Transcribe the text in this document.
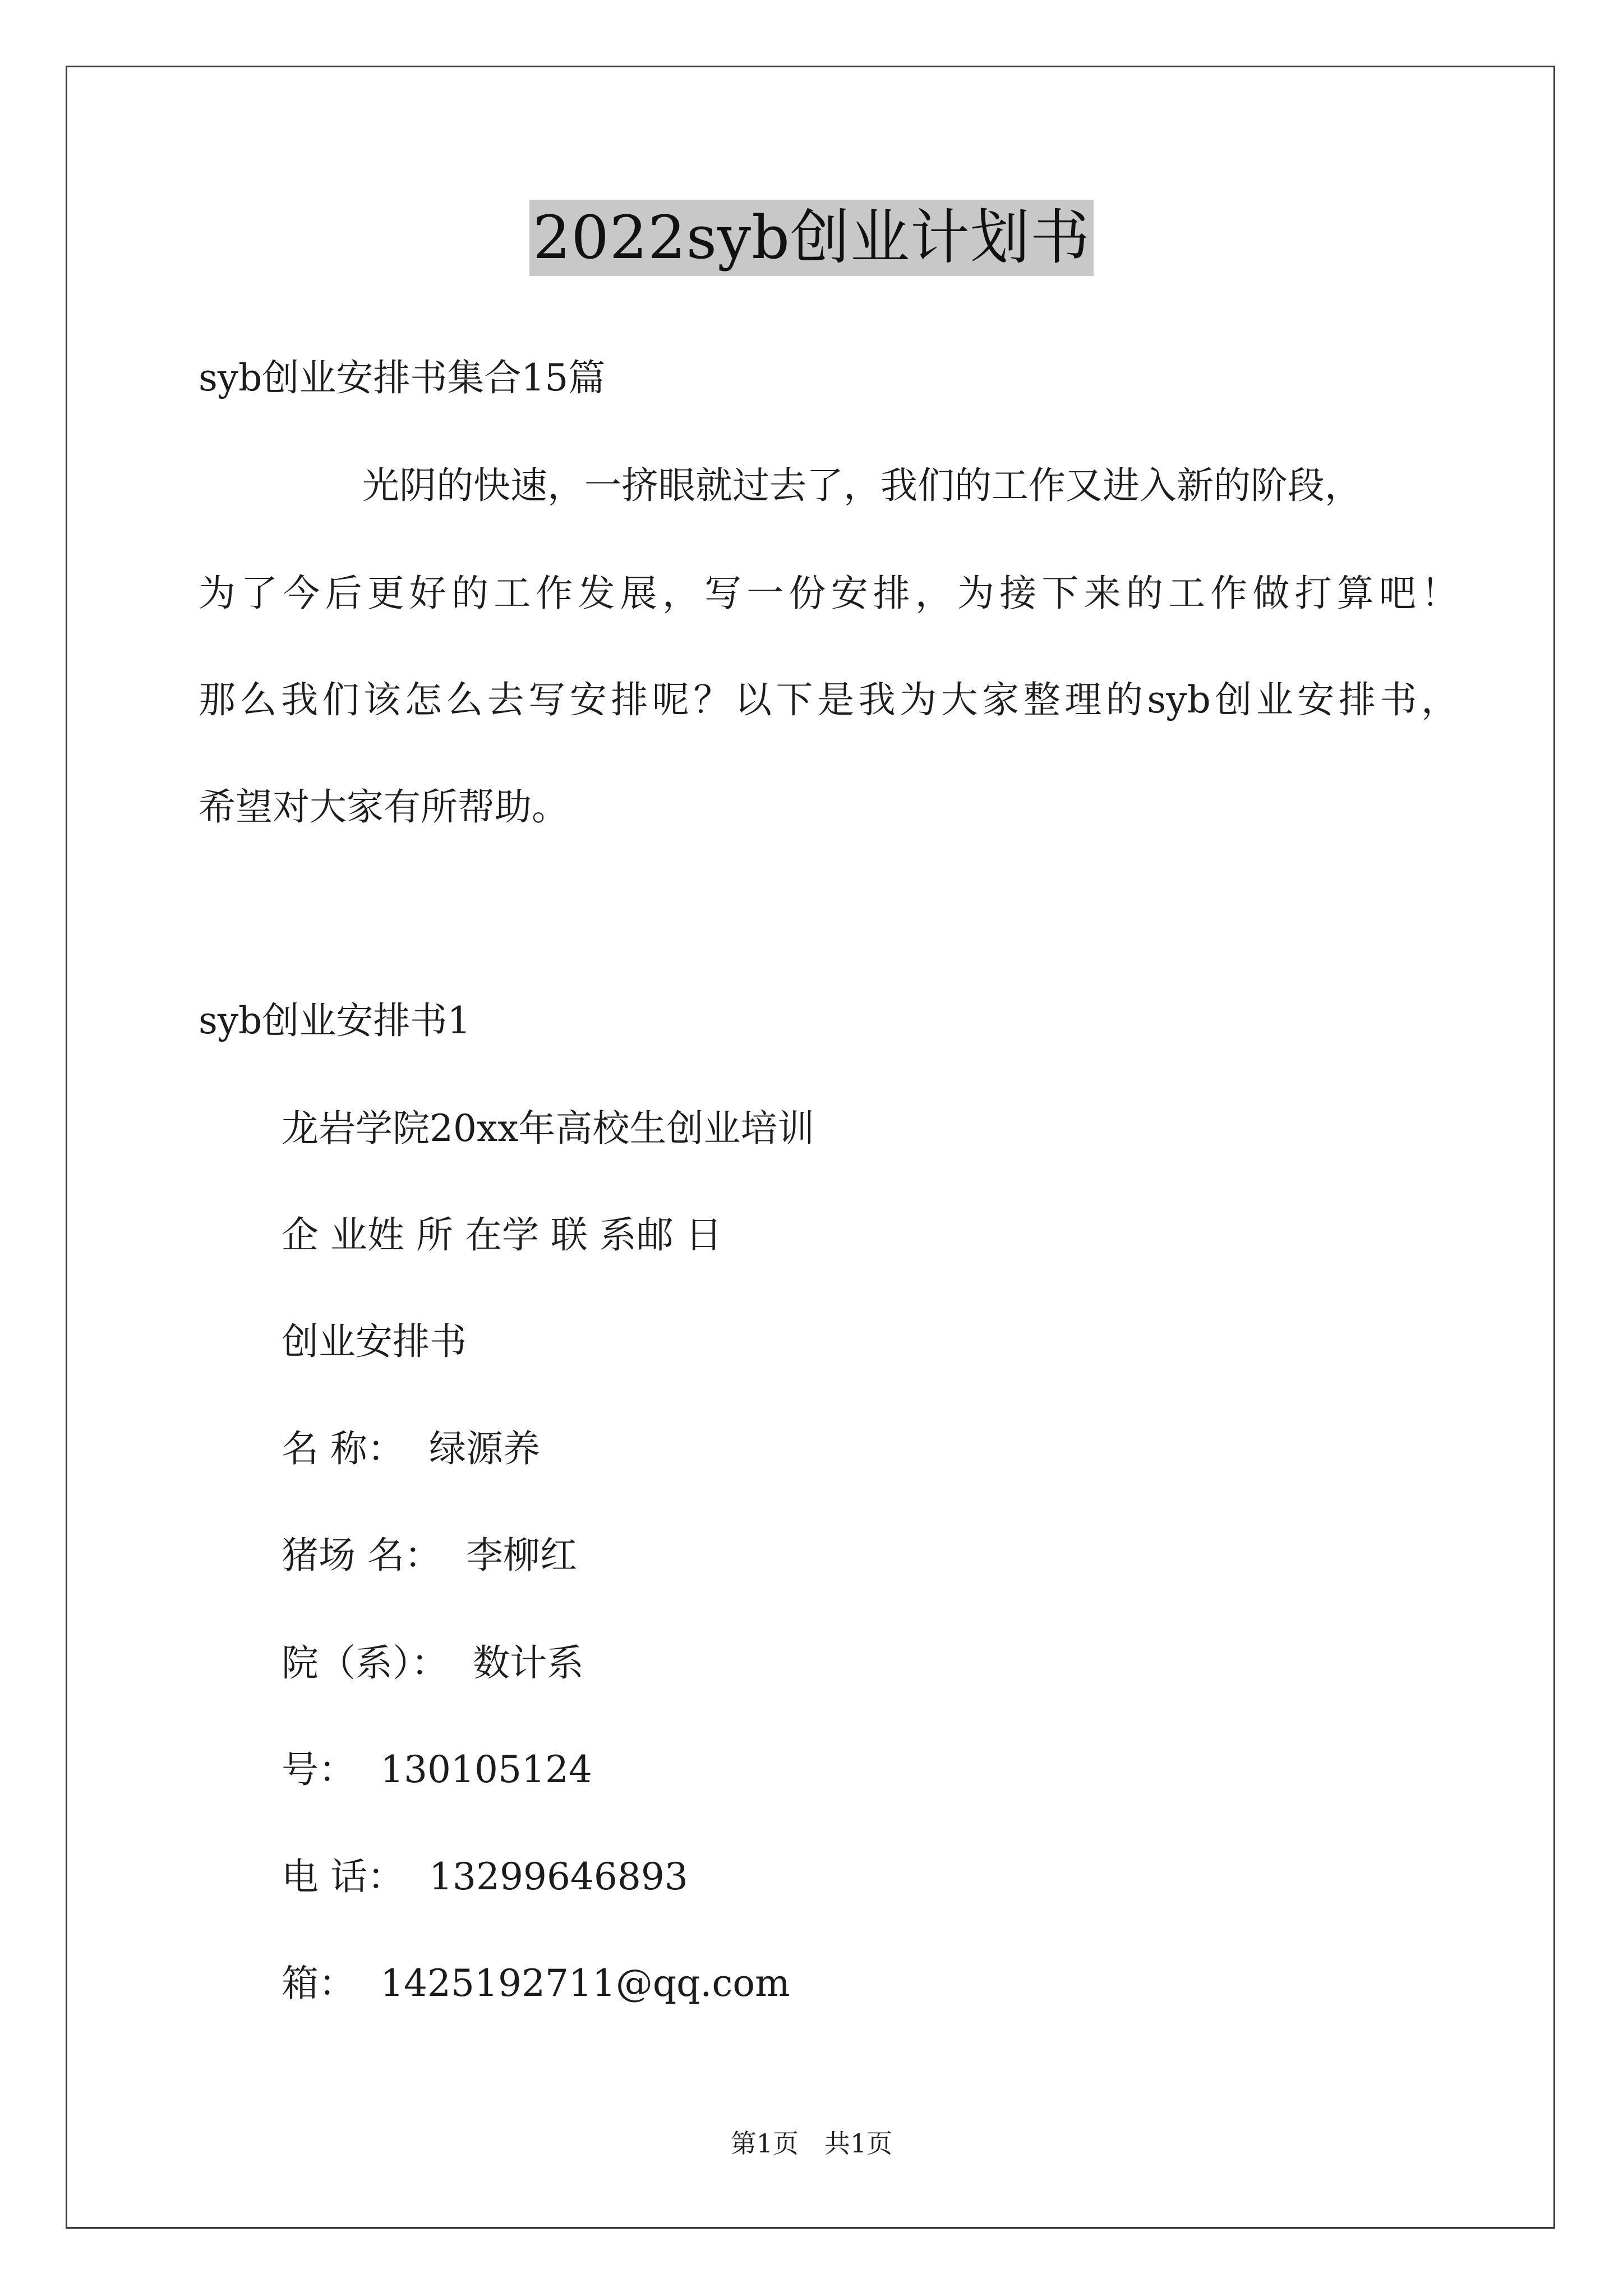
2022syb创业计划书
syb创业安排书集合15篇
光阴的快速，一挤眼就过去了，我们的工作又进入新的阶段，
为了今后更好的工作发展，写一份安排，为接下来的工作做打算吧！
那么我们该怎么去写安排呢？以下是我为大家整理的syb创业安排书，
希望对大家有所帮助。
syb创业安排书1
龙岩学院20xx年高校生创业培训
企 业姓 所 在学 联 系邮 日
创业安排书
名 称： 绿源养
猪场 名： 李柳红
院（系）： 数计系
号： 130105124
电 话： 13299646893
箱： 1425192711@qq.com
第1页　共1页
